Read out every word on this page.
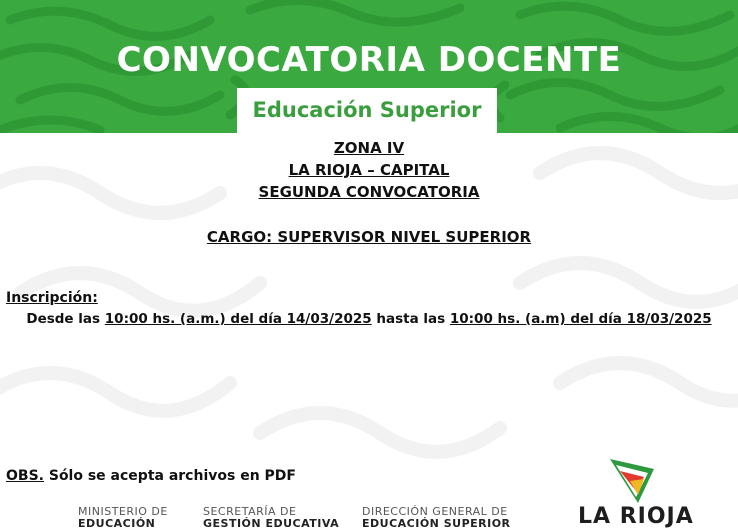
CONVOCATORIA DOCENTE
Educación Superior
ZONA IV
LA RIOJA – CAPITAL
SEGUNDA CONVOCATORIA
CARGO: SUPERVISOR NIVEL SUPERIOR
Inscripción:
Desde las 10:00 hs. (a.m.) del día 14/03/2025 hasta las 10:00 hs. (a.m) del día 18/03/2025
OBS. Sólo se acepta archivos en PDF
MINISTERIO DE
EDUCACIÓN
SECRETARÍA DE
GESTIÓN EDUCATIVA
DIRECCIÓN GENERAL DE
EDUCACIÓN SUPERIOR	LA RIOJA
